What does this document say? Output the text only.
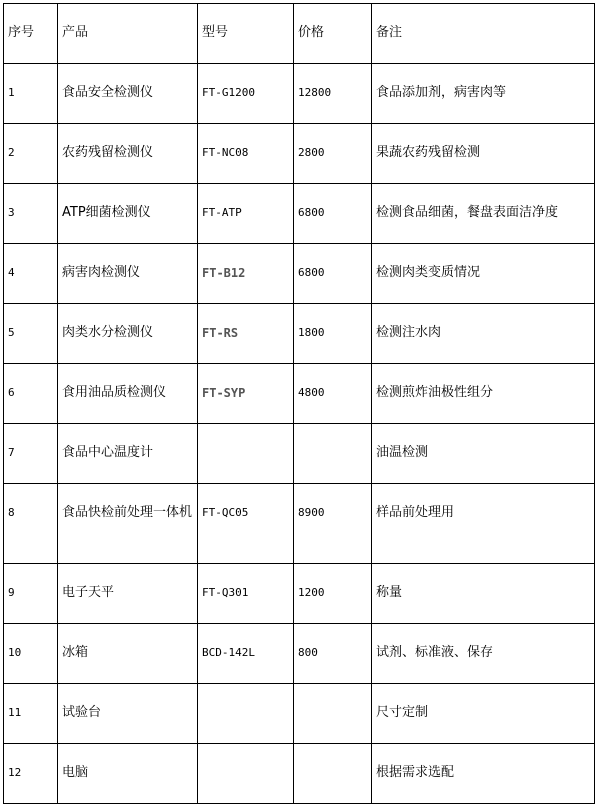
序号	产品	型号	价格	备注
1	食品安全检测仪	FT-G1200	12800	食品添加剂，病害肉等
2	农药残留检测仪	FT-NC08	2800	果蔬农药残留检测
3	ATP细菌检测仪	FT-ATP	6800	检测食品细菌，餐盘表面洁净度
4	病害肉检测仪	FT-B12	6800	检测肉类变质情况
5	肉类水分检测仪	FT-RS	1800	检测注水肉
6	食用油品质检测仪	FT-SYP	4800	检测煎炸油极性组分
7	食品中心温度计			油温检测
8	食品快检前处理一体机	FT-QC05	8900	样品前处理用
9	电子天平	FT-Q301	1200	称量
10	冰箱	BCD-142L	800	试剂、标准液、保存
11	试验台			尺寸定制
12	电脑			根据需求选配
